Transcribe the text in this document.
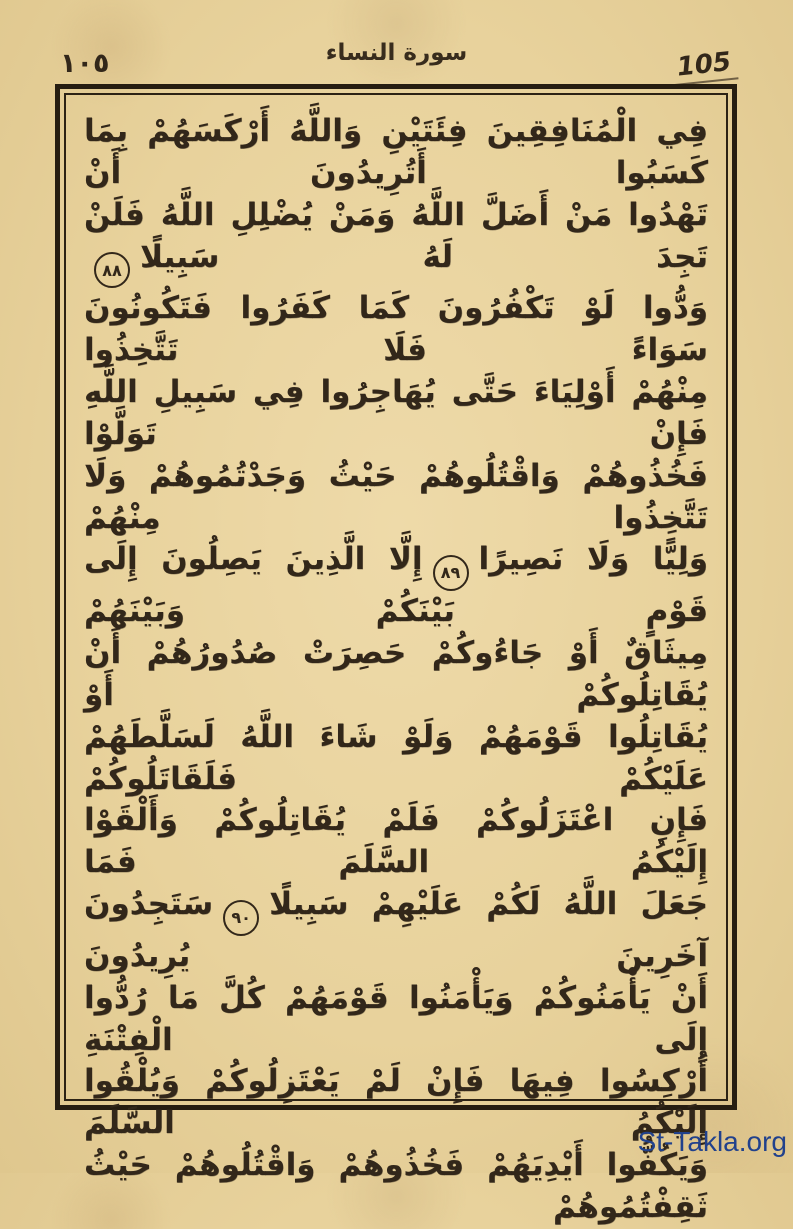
١٠٥	سورة النساء	105
فِي الْمُنَافِقِينَ فِئَتَيْنِ وَاللَّهُ أَرْكَسَهُمْ بِمَا كَسَبُوا أَتُرِيدُونَ أَنْ
تَهْدُوا مَنْ أَضَلَّ اللَّهُ وَمَنْ يُضْلِلِ اللَّهُ فَلَنْ تَجِدَ لَهُ سَبِيلًا٨٨
وَدُّوا لَوْ تَكْفُرُونَ كَمَا كَفَرُوا فَتَكُونُونَ سَوَاءً فَلَا تَتَّخِذُوا
مِنْهُمْ أَوْلِيَاءَ حَتَّى يُهَاجِرُوا فِي سَبِيلِ اللَّهِ فَإِنْ تَوَلَّوْا
فَخُذُوهُمْ وَاقْتُلُوهُمْ حَيْثُ وَجَدْتُمُوهُمْ وَلَا تَتَّخِذُوا مِنْهُمْ
وَلِيًّا وَلَا نَصِيرًا٨٩إِلَّا الَّذِينَ يَصِلُونَ إِلَى قَوْمٍ بَيْنَكُمْ وَبَيْنَهُمْ
مِيثَاقٌ أَوْ جَاءُوكُمْ حَصِرَتْ صُدُورُهُمْ أَنْ يُقَاتِلُوكُمْ أَوْ
يُقَاتِلُوا قَوْمَهُمْ وَلَوْ شَاءَ اللَّهُ لَسَلَّطَهُمْ عَلَيْكُمْ فَلَقَاتَلُوكُمْ
فَإِنِ اعْتَزَلُوكُمْ فَلَمْ يُقَاتِلُوكُمْ وَأَلْقَوْا إِلَيْكُمُ السَّلَمَ فَمَا
جَعَلَ اللَّهُ لَكُمْ عَلَيْهِمْ سَبِيلًا٩٠سَتَجِدُونَ آخَرِينَ يُرِيدُونَ
أَنْ يَأْمَنُوكُمْ وَيَأْمَنُوا قَوْمَهُمْ كُلَّ مَا رُدُّوا إِلَى الْفِتْنَةِ
أُرْكِسُوا فِيهَا فَإِنْ لَمْ يَعْتَزِلُوكُمْ وَيُلْقُوا إِلَيْكُمُ السَّلَمَ
وَيَكُفُّوا أَيْدِيَهُمْ فَخُذُوهُمْ وَاقْتُلُوهُمْ حَيْثُ ثَقِفْتُمُوهُمْ
St-Takla.org
